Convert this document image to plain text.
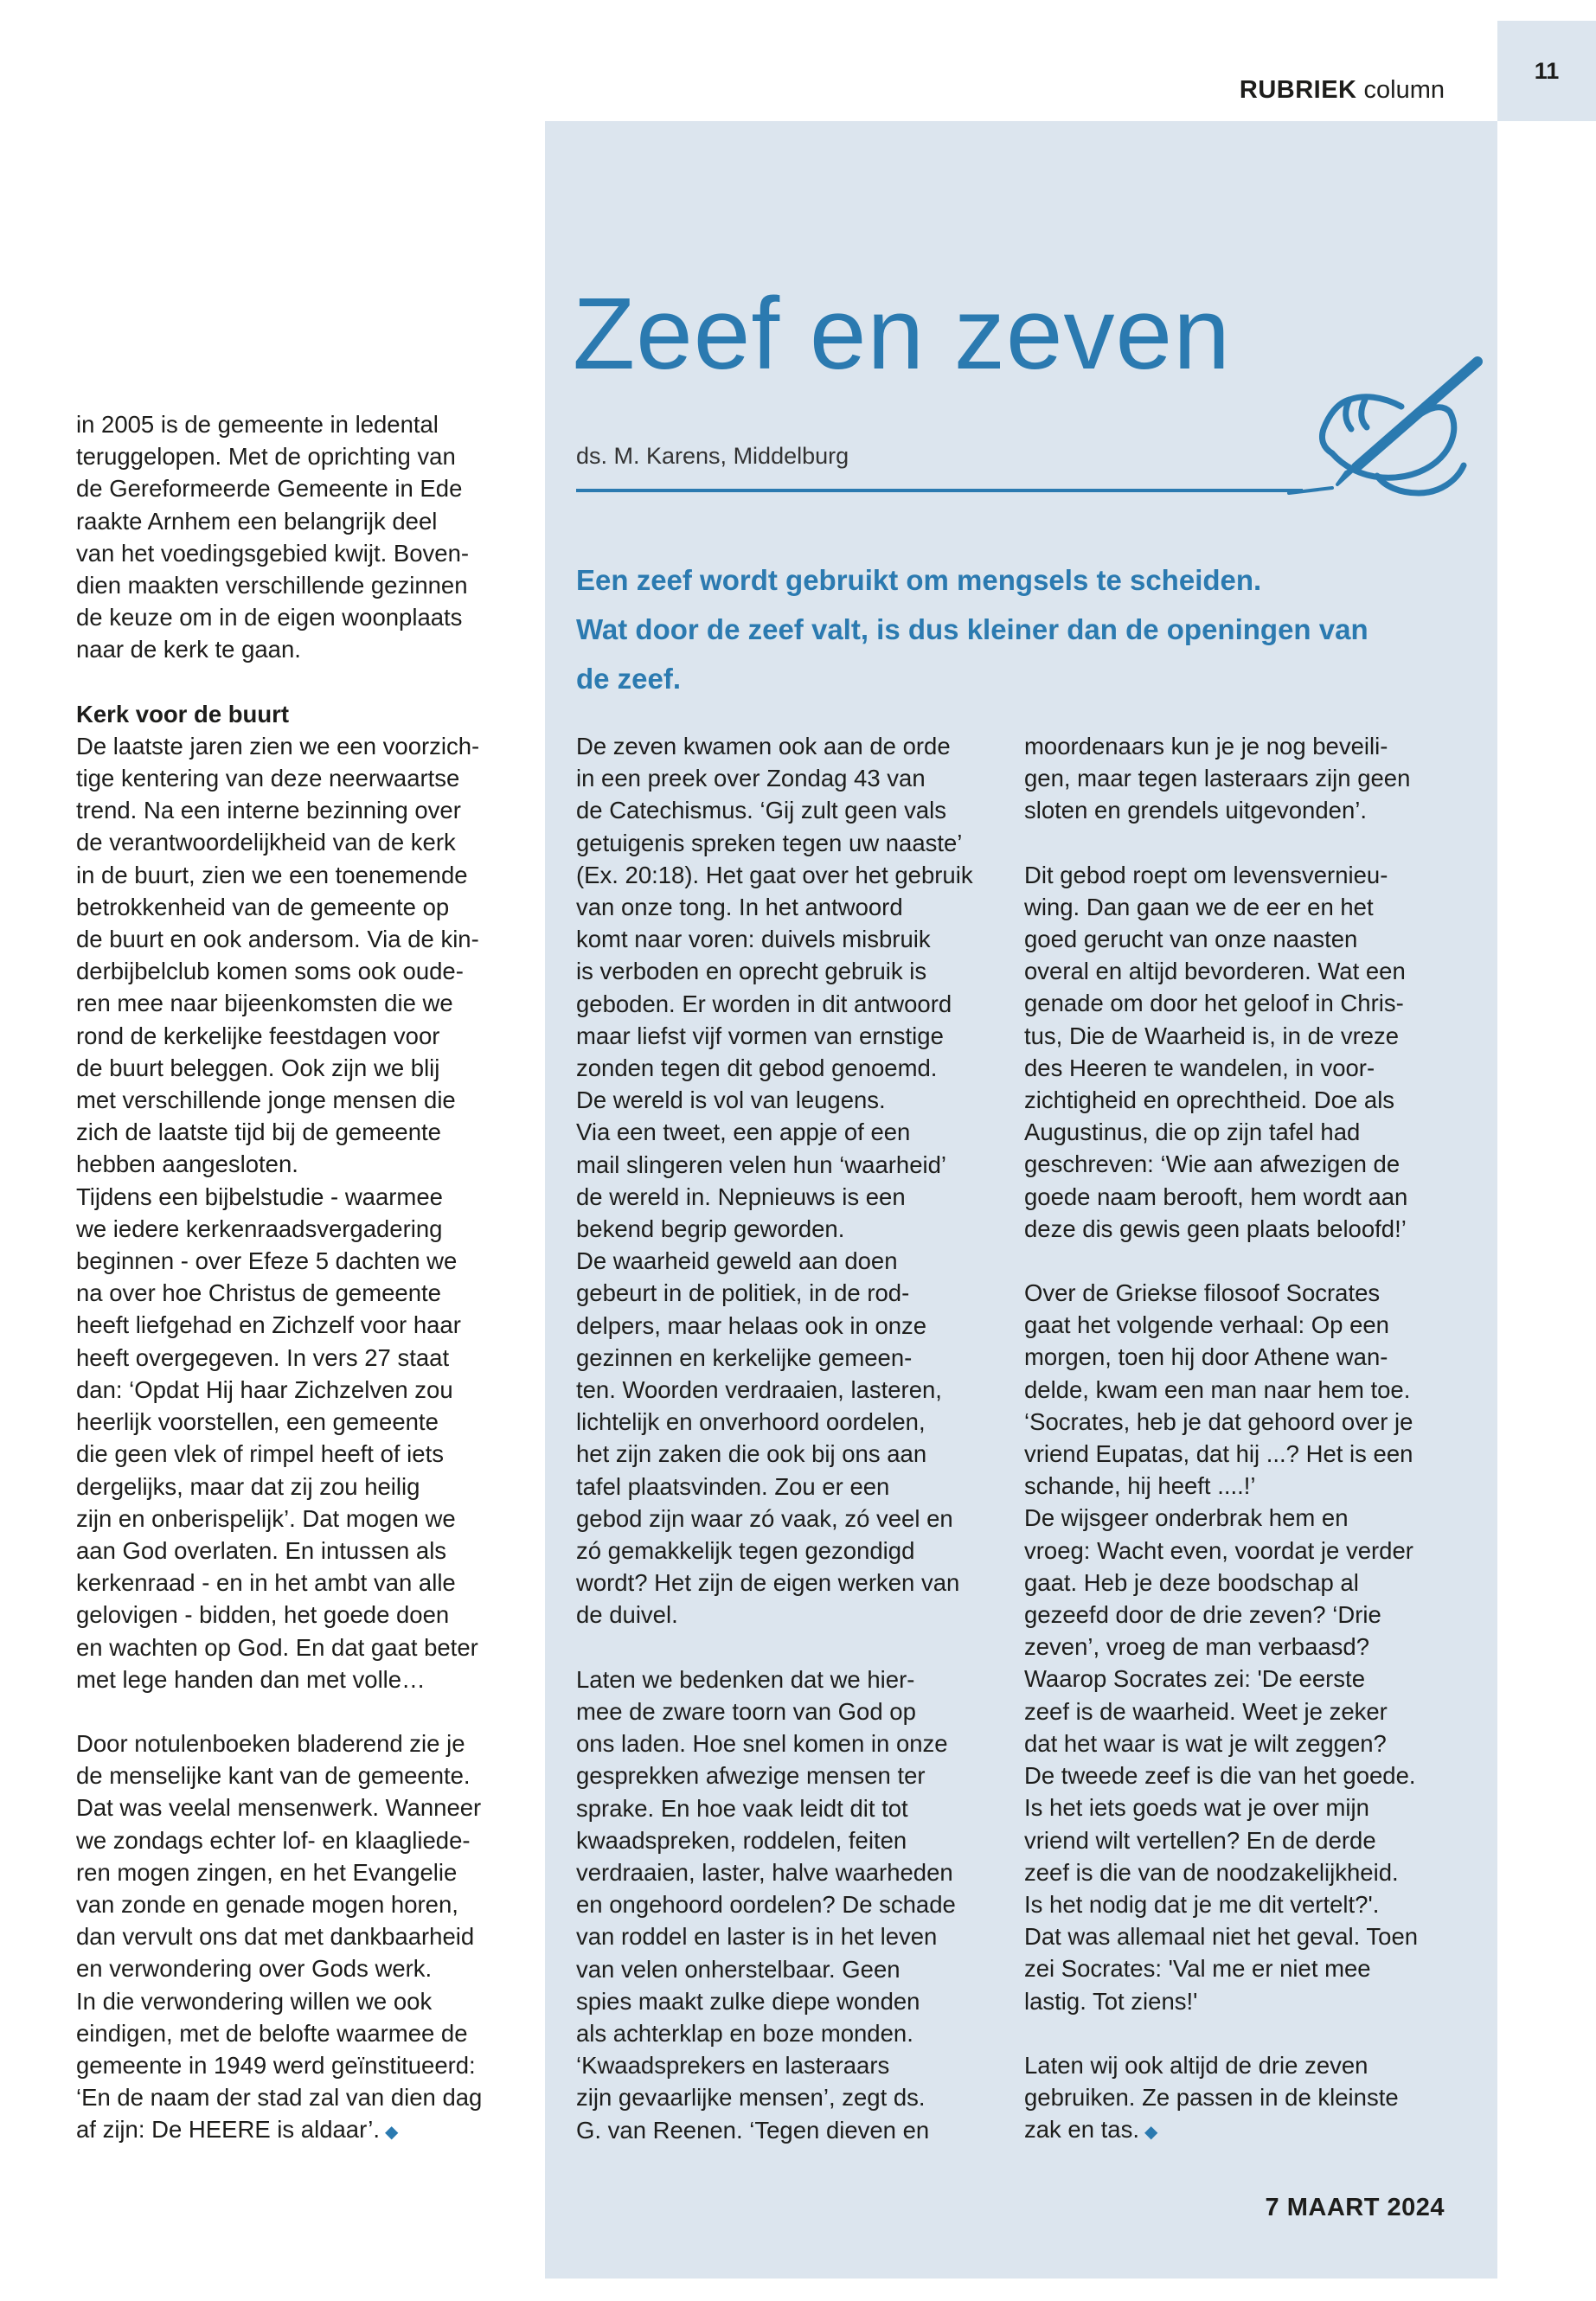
11
RUBRIEK column
Zeef en zeven
ds. M. Karens, Middelburg
Een zeef wordt gebruikt om mengsels te scheiden.
Wat door de zeef valt, is dus kleiner dan de openingen van
de zeef.

in 2005 is de gemeente in ledental

teruggelopen. Met de oprichting van

de Gereformeerde Gemeente in Ede

raakte Arnhem een belangrijk deel

van het voedingsgebied kwijt. Boven-

dien maakten verschillende gezinnen

de keuze om in de eigen woonplaats

naar de kerk te gaan.

Kerk voor de buurt

De laatste jaren zien we een voorzich-

tige kentering van deze neerwaartse

trend. Na een interne bezinning over

de verantwoordelijkheid van de kerk

in de buurt, zien we een toenemende

betrokkenheid van de gemeente op

de buurt en ook andersom. Via de kin-

derbijbelclub komen soms ook oude-

ren mee naar bijeenkomsten die we

rond de kerkelijke feestdagen voor

de buurt beleggen. Ook zijn we blij

met verschillende jonge mensen die

zich de laatste tijd bij de gemeente

hebben aangesloten.

Tijdens een bijbelstudie - waarmee

we iedere kerkenraadsvergadering

beginnen - over Efeze 5 dachten we

na over hoe Christus de gemeente

heeft liefgehad en Zichzelf voor haar

heeft overgegeven. In vers 27 staat

dan: ‘Opdat Hij haar Zichzelven zou

heerlijk voorstellen, een gemeente

die geen vlek of rimpel heeft of iets

dergelijks, maar dat zij zou heilig

zijn en onberispelijk’. Dat mogen we

aan God overlaten. En intussen als

kerkenraad - en in het ambt van alle

gelovigen - bidden, het goede doen

en wachten op God. En dat gaat beter

met lege handen dan met volle…

Door notulenboeken bladerend zie je

de menselijke kant van de gemeente.

Dat was veelal mensenwerk. Wanneer

we zondags echter lof- en klaagliede-

ren mogen zingen, en het Evangelie

van zonde en genade mogen horen,

dan vervult ons dat met dankbaarheid

en verwondering over Gods werk.

In die verwondering willen we ook

eindigen, met de belofte waarmee de

gemeente in 1949 werd geïnstitueerd:

‘En de naam der stad zal van dien dag

af zijn: De HEERE is aldaar’. ◆

De zeven kwamen ook aan de orde

in een preek over Zondag 43 van

de Catechismus. ‘Gij zult geen vals

getuigenis spreken tegen uw naaste’

(Ex. 20:18). Het gaat over het gebruik

van onze tong. In het antwoord

komt naar voren: duivels misbruik

is verboden en oprecht gebruik is

geboden. Er worden in dit antwoord

maar liefst vijf vormen van ernstige

zonden tegen dit gebod genoemd.

De wereld is vol van leugens.

Via een tweet, een appje of een

mail slingeren velen hun ‘waarheid’

de wereld in. Nepnieuws is een

bekend begrip geworden.

De waarheid geweld aan doen

gebeurt in de politiek, in de rod-

delpers, maar helaas ook in onze

gezinnen en kerkelijke gemeen-

ten. Woorden verdraaien, lasteren,

lichtelijk en onverhoord oordelen,

het zijn zaken die ook bij ons aan

tafel plaatsvinden. Zou er een

gebod zijn waar zó vaak, zó veel en

zó gemakkelijk tegen gezondigd

wordt? Het zijn de eigen werken van

de duivel.

Laten we bedenken dat we hier-

mee de zware toorn van God op

ons laden. Hoe snel komen in onze

gesprekken afwezige mensen ter

sprake. En hoe vaak leidt dit tot

kwaadspreken, roddelen, feiten

verdraaien, laster, halve waarheden

en ongehoord oordelen? De schade

van roddel en laster is in het leven

van velen onherstelbaar. Geen

spies maakt zulke diepe wonden

als achterklap en boze monden.

‘Kwaadsprekers en lasteraars

zijn gevaarlijke mensen’, zegt ds.

G. van Reenen. ‘Tegen dieven en

moordenaars kun je je nog beveili-

gen, maar tegen lasteraars zijn geen

sloten en grendels uitgevonden’.

Dit gebod roept om levensvernieu-

wing. Dan gaan we de eer en het

goed gerucht van onze naasten

overal en altijd bevorderen. Wat een

genade om door het geloof in Chris-

tus, Die de Waarheid is, in de vreze

des Heeren te wandelen, in voor-

zichtigheid en oprechtheid. Doe als

Augustinus, die op zijn tafel had

geschreven: ‘Wie aan afwezigen de

goede naam berooft, hem wordt aan

deze dis gewis geen plaats beloofd!’

Over de Griekse filosoof Socrates

gaat het volgende verhaal: Op een

morgen, toen hij door Athene wan-

delde, kwam een man naar hem toe.

‘Socrates, heb je dat gehoord over je

vriend Eupatas, dat hij ...? Het is een

schande, hij heeft ....!’

De wijsgeer onderbrak hem en

vroeg: Wacht even, voordat je verder

gaat. Heb je deze boodschap al

gezeefd door de drie zeven? ‘Drie

zeven’, vroeg de man verbaasd?

Waarop Socrates zei: 'De eerste

zeef is de waarheid. Weet je zeker

dat het waar is wat je wilt zeggen?

De tweede zeef is die van het goede.

Is het iets goeds wat je over mijn

vriend wilt vertellen? En de derde

zeef is die van de noodzakelijkheid.

Is het nodig dat je me dit vertelt?'.

Dat was allemaal niet het geval. Toen

zei Socrates: 'Val me er niet mee

lastig. Tot ziens!'

Laten wij ook altijd de drie zeven

gebruiken. Ze passen in de kleinste

zak en tas. ◆

7 MAART 2024
